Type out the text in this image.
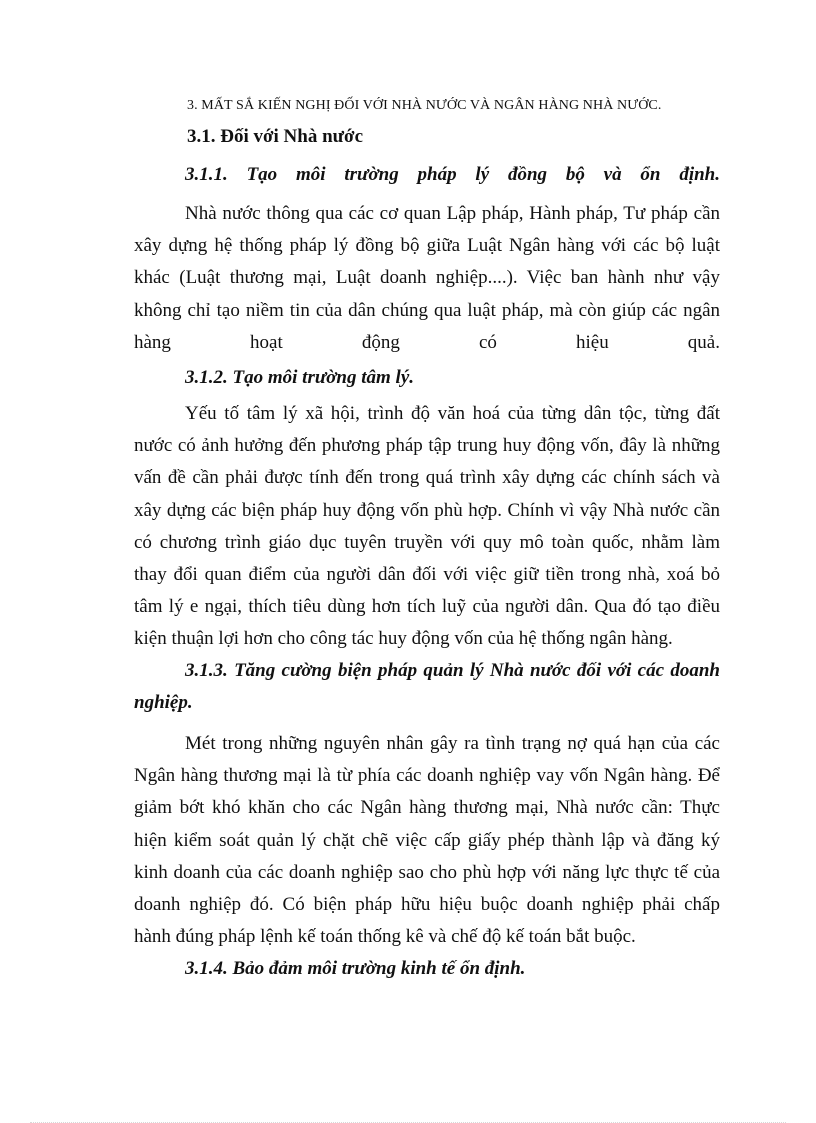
3. MẤT SẮ KIẾN NGHỊ ĐỐI VỚI NHÀ NƯỚC VÀ NGÂN HÀNG NHÀ NƯỚC.

3.1. Đối với Nhà nước

3.1.1. Tạo môi trường pháp lý đồng bộ và ổn định.
Nhà nước thông qua các cơ quan Lập pháp, Hành pháp, Tư pháp cần
xây dựng hệ thống pháp lý đồng bộ giữa Luật Ngân hàng với các bộ luật
khác (Luật thương mại, Luật doanh nghiệp....). Việc ban hành như vậy
không chỉ tạo niềm tin của dân chúng qua luật pháp, mà còn giúp các ngân
hàng hoạt động có hiệu quả.
3.1.2. Tạo môi trường tâm lý.
Yếu tố tâm lý xã hội, trình độ văn hoá của từng dân tộc, từng đất
nước có ảnh hưởng đến phương pháp tập trung huy động vốn, đây là những
vấn đề cần phải được tính đến trong quá trình xây dựng các chính sách và
xây dựng các biện pháp huy động vốn phù hợp. Chính vì vậy Nhà nước cần
có chương trình giáo dục tuyên truyền với quy mô toàn quốc, nhằm làm
thay đổi quan điểm của người dân đối với việc giữ tiền trong nhà, xoá bỏ
tâm lý e ngại, thích tiêu dùng hơn tích luỹ của người dân. Qua đó tạo điều
kiện thuận lợi hơn cho công tác huy động vốn của hệ thống ngân hàng.
3.1.3. Tăng cường biện pháp quản lý Nhà nước đối với các doanh
nghiệp.
Mét trong những nguyên nhân gây ra tình trạng nợ quá hạn của các
Ngân hàng thương mại là từ phía các doanh nghiệp vay vốn Ngân hàng. Để
giảm bớt khó khăn cho các Ngân hàng thương mại, Nhà nước cần: Thực
hiện kiểm soát quản lý chặt chẽ việc cấp giấy phép thành lập và đăng ký
kinh doanh của các doanh nghiệp sao cho phù hợp với năng lực thực tế của
doanh nghiệp đó. Có biện pháp hữu hiệu buộc doanh nghiệp phải chấp
hành đúng pháp lệnh kế toán thống kê và chế độ kế toán bắt buộc.
3.1.4. Bảo đảm môi trường kinh tế ổn định.
